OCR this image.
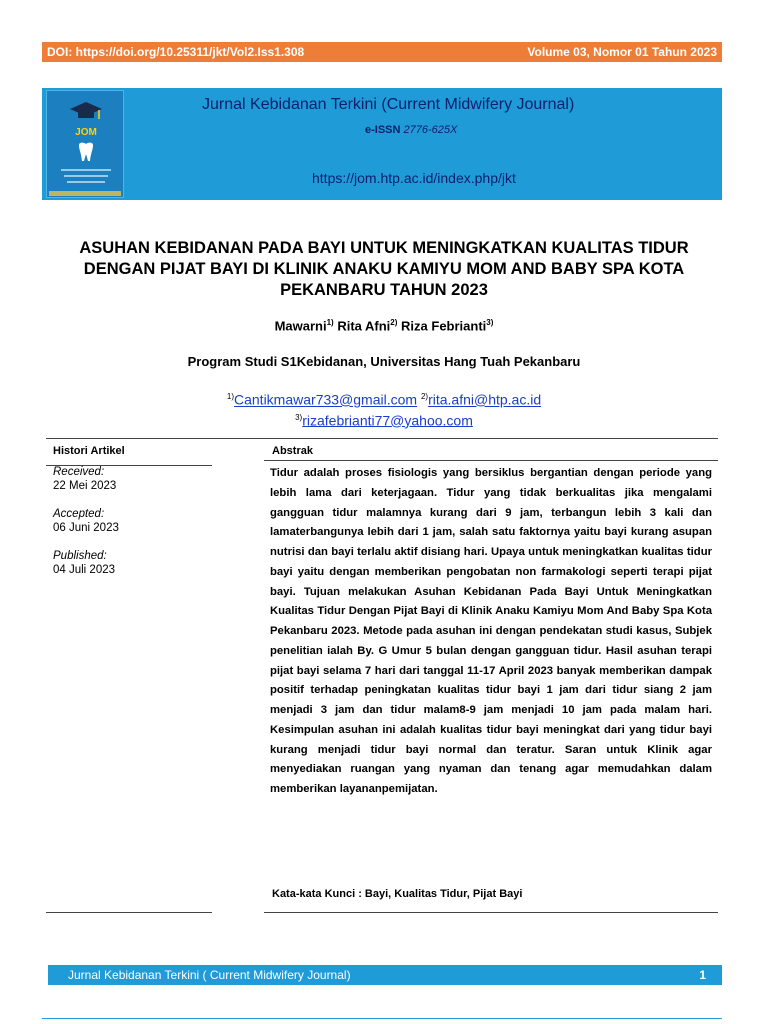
DOI: https://doi.org/10.25311/jkt/Vol2.Iss1.308	Volume 03, Nomor 01 Tahun 2023
JOM
Jurnal Kebidanan Terkini (Current Midwifery Journal)
e-ISSN 2776-625X
https://jom.htp.ac.id/index.php/jkt
ASUHAN KEBIDANAN PADA BAYI UNTUK MENINGKATKAN KUALITAS TIDUR DENGAN PIJAT BAYI DI KLINIK ANAKU KAMIYU MOM AND BABY SPA KOTA PEKANBARU TAHUN 2023
Mawarni$^{1)}$ Rita Afni$^{2)}$ Riza Febrianti$^{3)}$
Program Studi S1Kebidanan, Universitas Hang Tuah Pekanbaru
$^{1)}$Cantikmawar733@gmail.com $^{2)}$rita.afni@htp.ac.id
$^{3)}$rizafebrianti77@yahoo.com
Histori Artikel
Received:
22 Mei 2023
Accepted:
06 Juni 2023
Published:
04 Juli 2023
Abstrak
Tidur adalah proses fisiologis yang bersiklus bergantian dengan periode yang lebih lama dari keterjagaan. Tidur yang tidak berkualitas jika mengalami gangguan tidur malamnya kurang dari 9 jam, terbangun lebih 3 kali dan lamaterbangunya lebih dari 1 jam, salah satu faktornya yaitu bayi kurang asupan nutrisi dan bayi terlalu aktif disiang hari. Upaya untuk meningkatkan kualitas tidur bayi yaitu dengan memberikan pengobatan non farmakologi seperti terapi pijat bayi. Tujuan melakukan Asuhan Kebidanan Pada Bayi Untuk Meningkatkan Kualitas Tidur Dengan Pijat Bayi di Klinik Anaku Kamiyu Mom And Baby Spa Kota Pekanbaru 2023. Metode pada asuhan ini dengan pendekatan studi kasus, Subjek penelitian ialah By. G Umur 5 bulan dengan gangguan tidur. Hasil asuhan terapi pijat bayi selama 7 hari dari tanggal 11-17 April 2023 banyak memberikan dampak positif terhadap peningkatan kualitas tidur bayi 1 jam dari tidur siang 2 jam menjadi 3 jam dan tidur malam8-9 jam menjadi 10 jam pada malam hari. Kesimpulan asuhan ini adalah kualitas tidur bayi meningkat dari yang tidur bayi kurang menjadi tidur bayi normal dan teratur. Saran untuk Klinik agar menyediakan ruangan yang nyaman dan tenang agar memudahkan dalam memberikan layananpemijatan.
Kata-kata Kunci : Bayi, Kualitas Tidur, Pijat Bayi
Jurnal Kebidanan Terkini ( Current Midwifery Journal)	1
